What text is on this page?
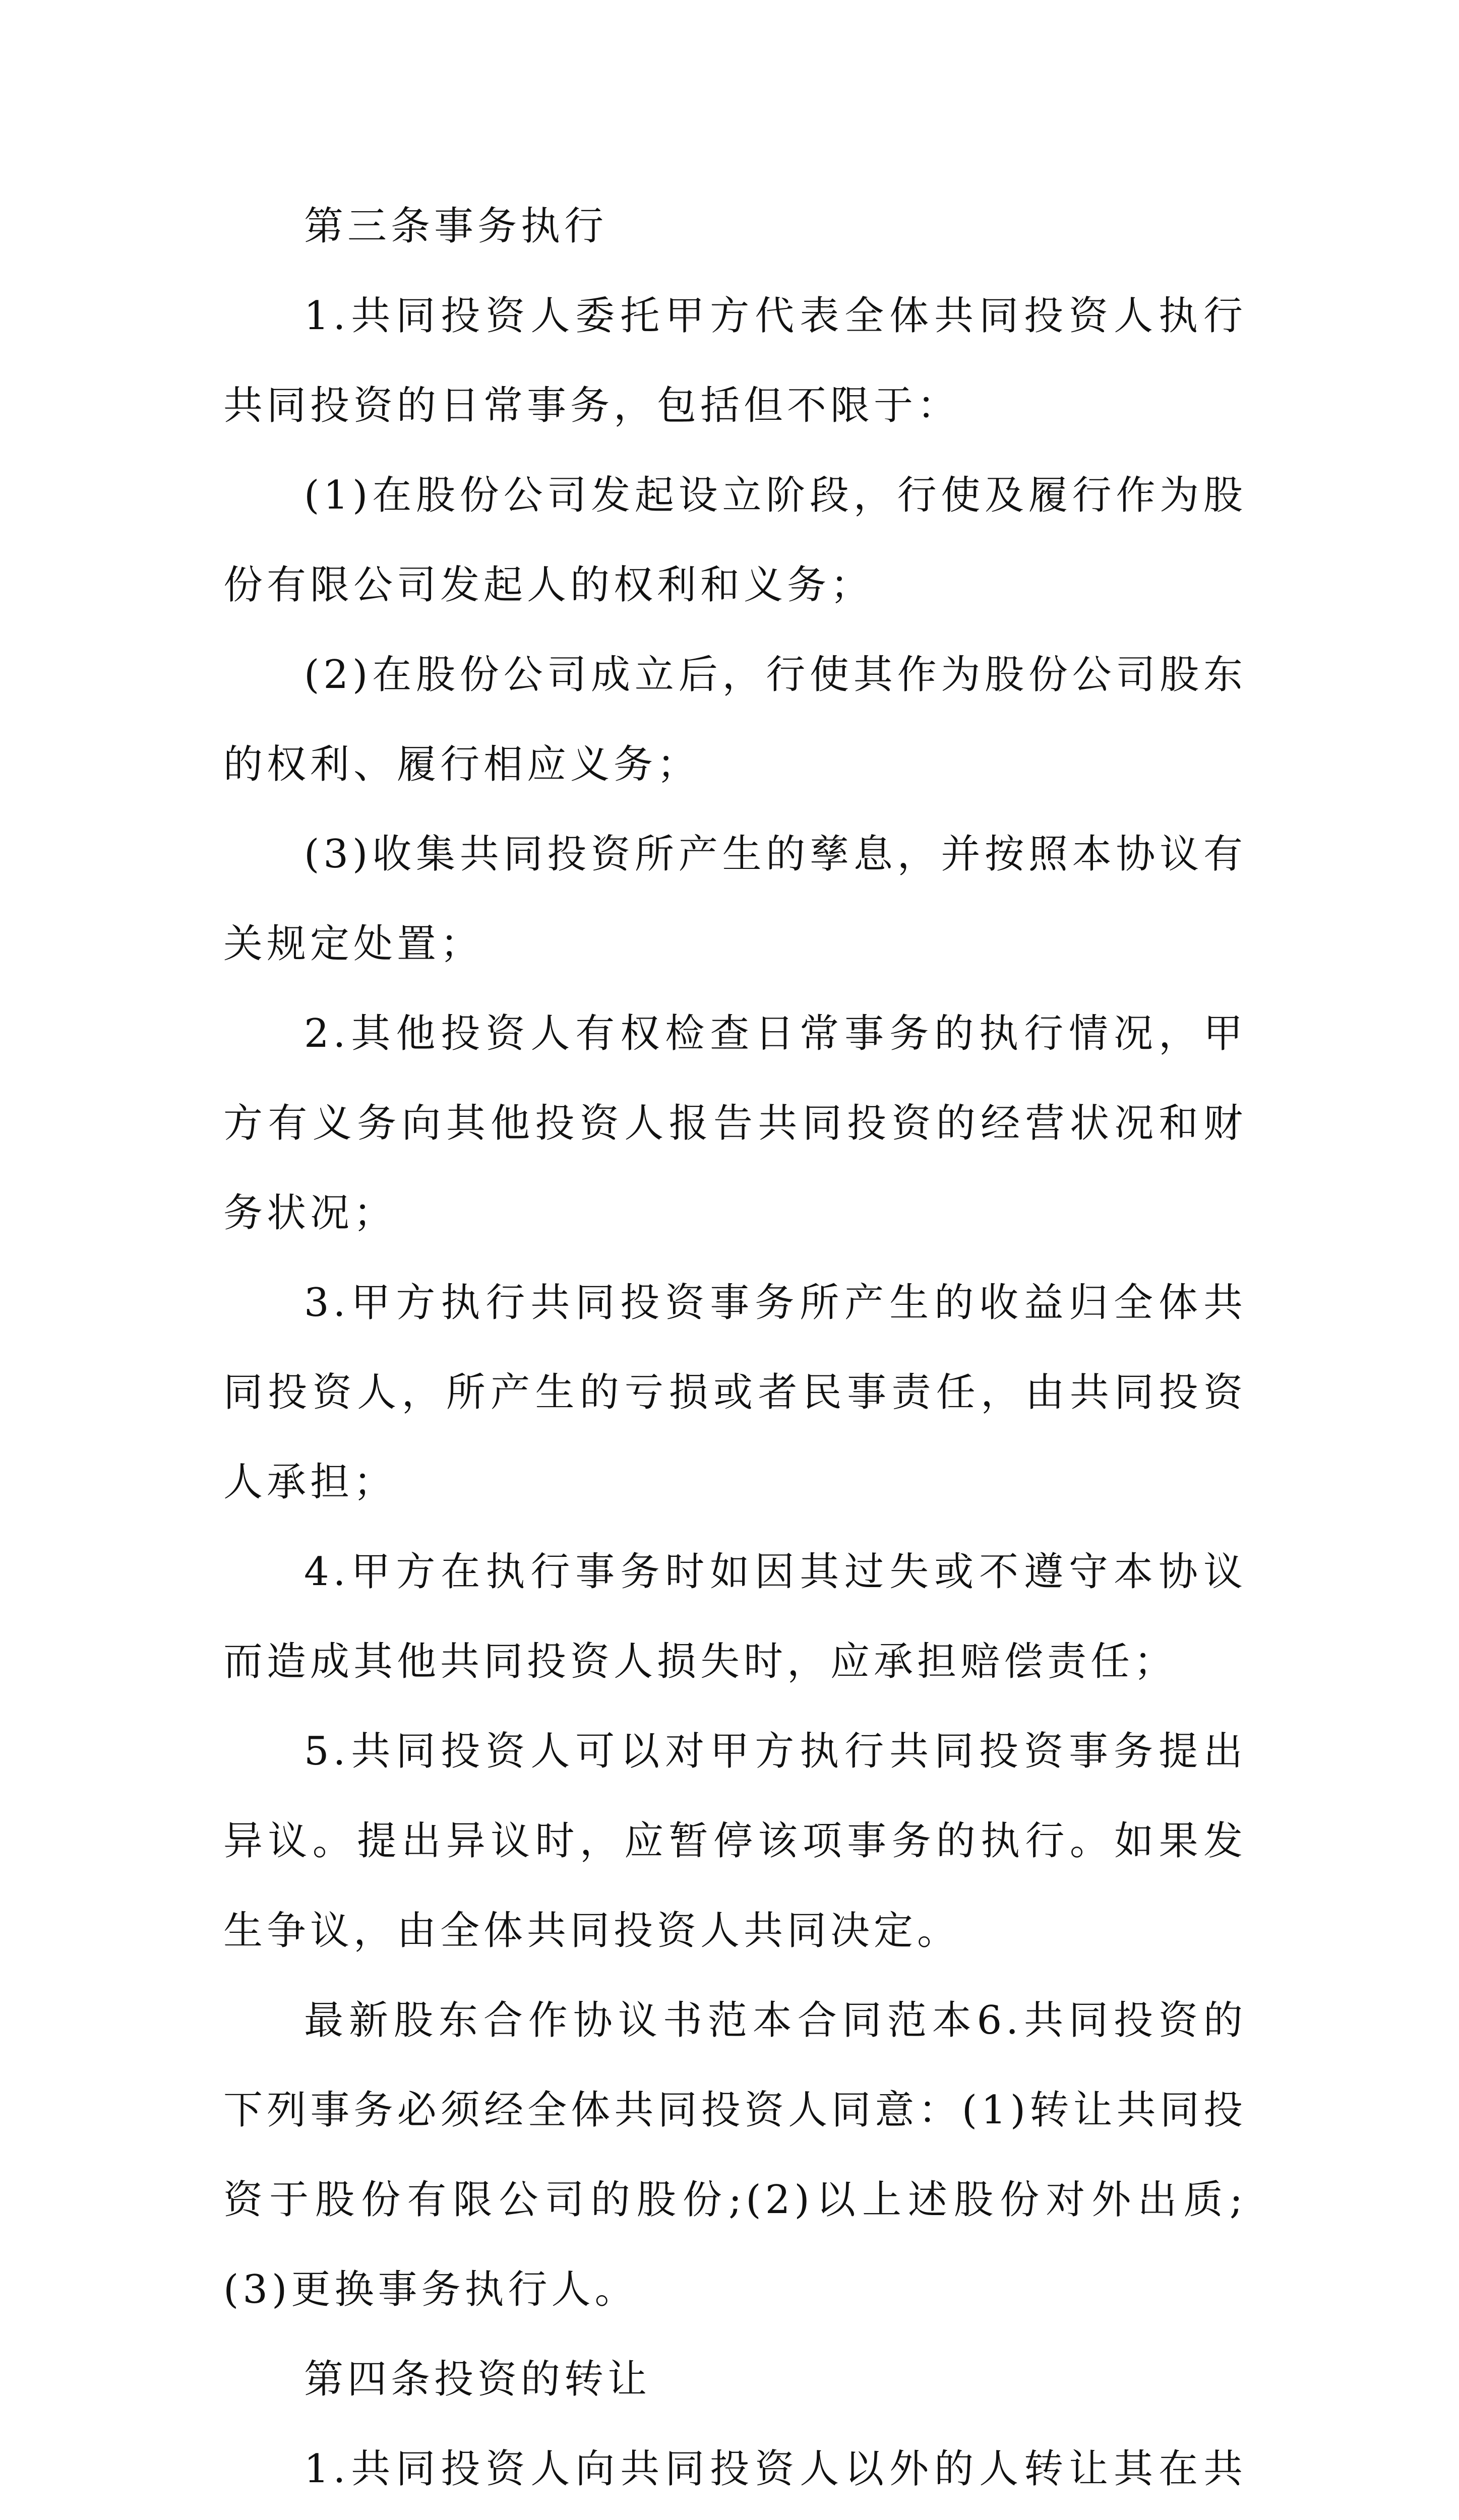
第三条事务执行

1.共同投资人委托甲方代表全体共同投资人执行共同投资的日常事务，包括但不限于：

(1)在股份公司发起设立阶段，行使及履行作为股份有限公司发起人的权利和义务；

(2)在股份公司成立后，行使其作为股份公司股东的权利、履行相应义务；

(3)收集共同投资所产生的孳息，并按照本协议有关规定处置；

2.其他投资人有权检查日常事务的执行情况，甲方有义务向其他投资人报告共同投资的经营状况和财务状况；

3.甲方执行共同投资事务所产生的收益归全体共同投资人，所产生的亏损或者民事责任，由共同投资人承担；

4.甲方在执行事务时如因其过失或不遵守本协议而造成其他共同投资人损失时，应承担赔偿责任；

5.共同投资人可以对甲方执行共同投资事务提出异议。提出异议时，应暂停该项事务的执行。如果发生争议，由全体共同投资人共同决定。

最新股东合作协议书范本合同范本6.共同投资的下列事务必须经全体共同投资人同意：(1)转让共同投资于股份有限公司的股份;(2)以上述股份对外出质;(3)更换事务执行人。

第四条投资的转让

1.共同投资人向共同投资人以外的人转让其在共
